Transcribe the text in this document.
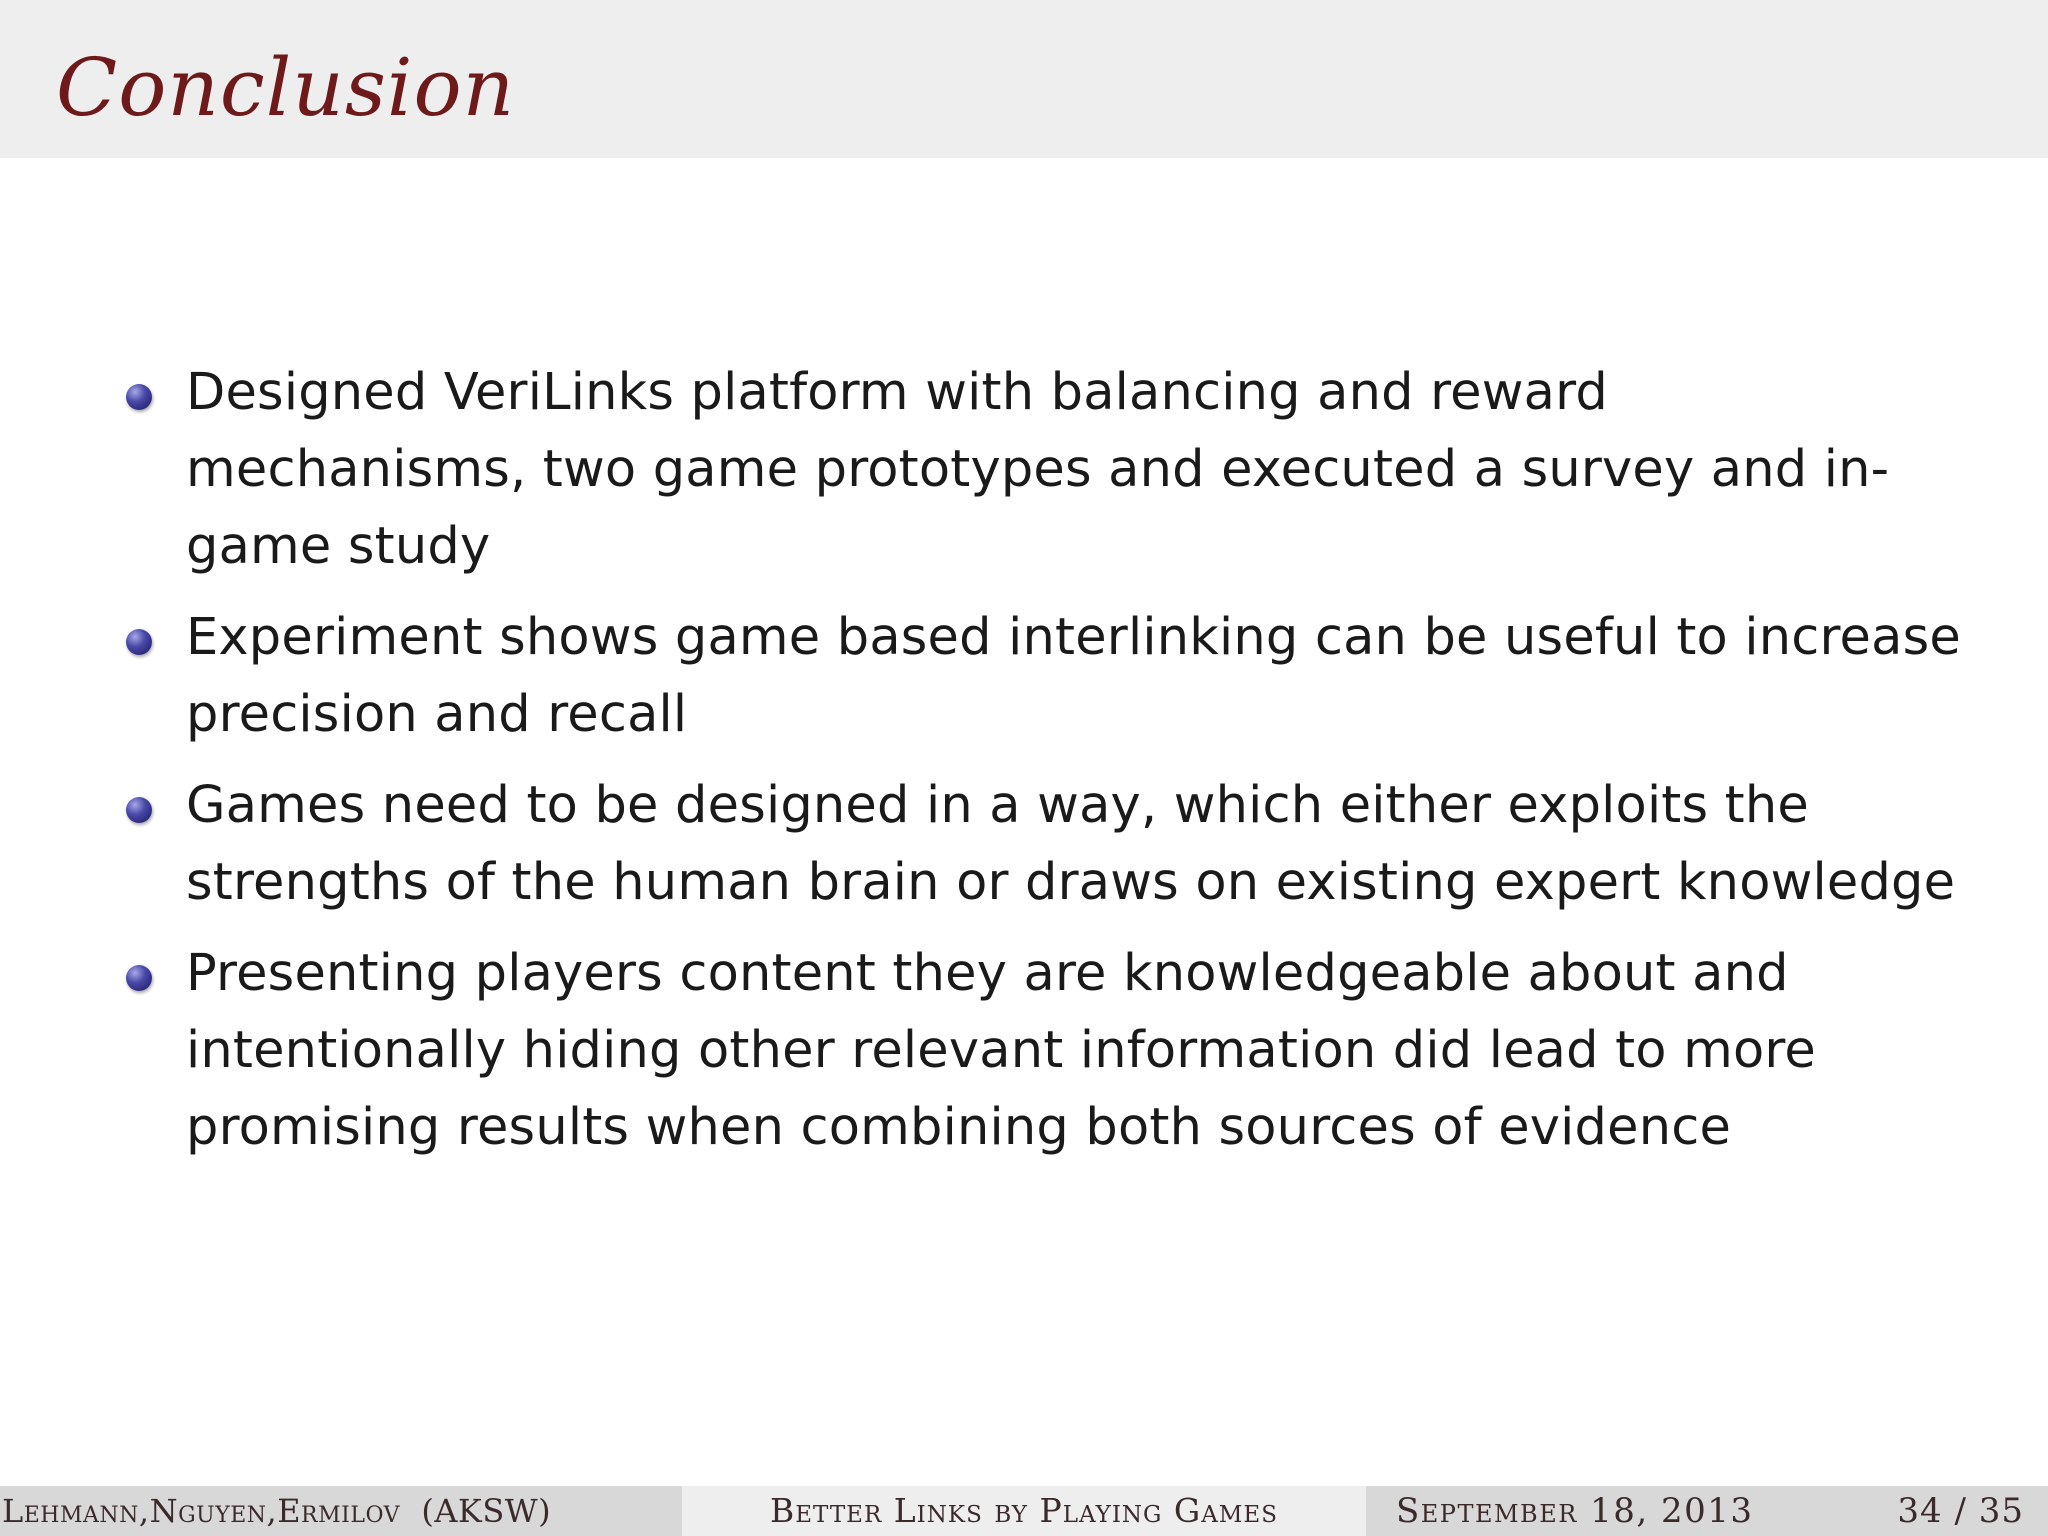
Conclusion
Designed VeriLinks platform with balancing and reward mechanisms, two game prototypes and executed a survey and in-game study
Experiment shows game based interlinking can be useful to increase precision and recall
Games need to be designed in a way, which either exploits the strengths of the human brain or draws on existing expert knowledge
Presenting players content they are knowledgeable about and intentionally hiding other relevant information did lead to more promising results when combining both sources of evidence
Lehmann,Nguyen,Ermilov  (AKSW)	Better Links by Playing Games	September 18, 2013	34 / 35
